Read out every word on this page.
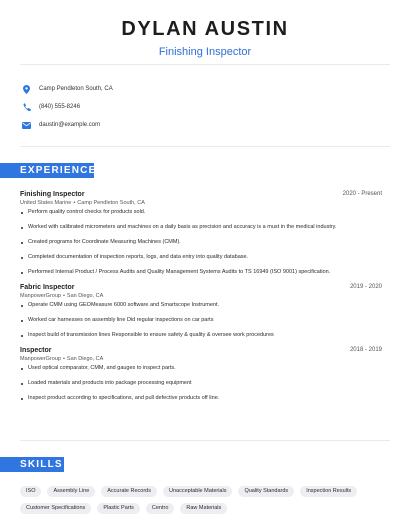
DYLAN AUSTIN
Finishing Inspector
Camp Pendleton South, CA
(840) 555-8246
daustin@example.com
EXPERIENCE
Finishing Inspector	2020 - Present
United States Marine • Camp Pendleton South, CA
Perform quality control checks for products sold.
Worked with calibrated micrometers and machines on a daily basis as precision and accuracy is a must in the medical industry.
Created programs for Coordinate Measuring Machines (CMM).
Completed documentation of inspection reports, logs, and data entry into quality database.
Performed Internal Product / Process Audits and Quality Management Systems Audits to TS 16949 (ISO 9001) specification.
Fabric Inspector	2019 - 2020
ManpowerGroup • San Diego, CA
Operate CMM using GEOMeasure 6000 software and Smartscope Instrument.
Worked car harnesses on assembly line Did regular inspections on car parts
Inspect build of transmission lines Responsible to ensure safety & quality & oversee work procedures
Inspector	2018 - 2019
ManpowerGroup • San Diego, CA
Used optical comparator, CMM, and gauges to inspect parts.
Loaded materials and products into package processing equipment
Inspect product according to specifications, and pull defective products off line.
SKILLS
ISO	Assembly Line	Accurate Records	Unacceptable Materials	Quality Standards	Inspection Results
Customer Specifications	Plastic Parts	Centro	Raw Materials
